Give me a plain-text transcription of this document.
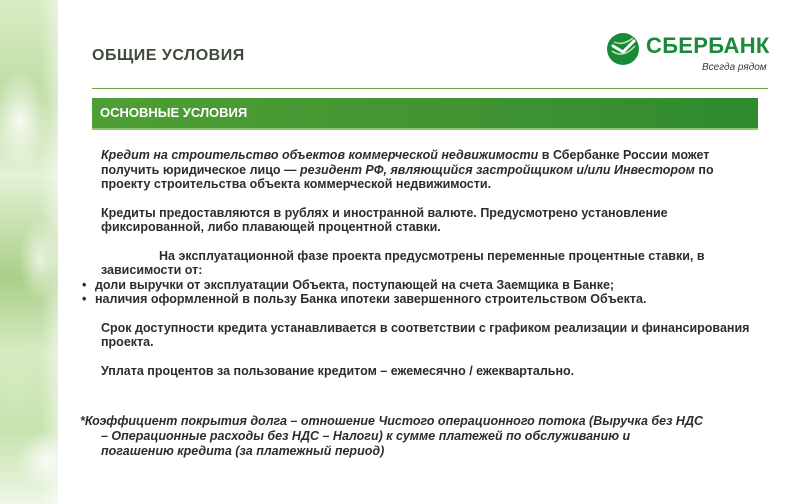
ОБЩИЕ УСЛОВИЯ	СБЕРБАНК
Всегда рядом
ОСНОВНЫЕ УСЛОВИЯ

Кредит на строительство объектов коммерческой недвижимости в Сбербанке России может получить юридическое лицо — резидент РФ, являющийся застройщиком и/или Инвестором по проекту строительства объекта коммерческой недвижимости.

Кредиты предоставляются в рублях и иностранной валюте. Предусмотрено установление фиксированной, либо плавающей процентной ставки.

На эксплуатационной фазе проекта предусмотрены переменные процентные ставки, в зависимости от:

• доли выручки от эксплуатации Объекта, поступающей на счета Заемщика в Банке;
• наличия оформленной в пользу Банка ипотеки завершенного строительством Объекта.

Срок доступности кредита устанавливается в соответствии с графиком реализации и финансирования проекта.

Уплата процентов за пользование кредитом – ежемесячно / ежеквартально.

*Коэффициент покрытия долга – отношение Чистого операционного потока (Выручка без НДС
– Операционные расходы без НДС – Налоги) к сумме платежей по обслуживанию и
погашению кредита (за платежный период)
